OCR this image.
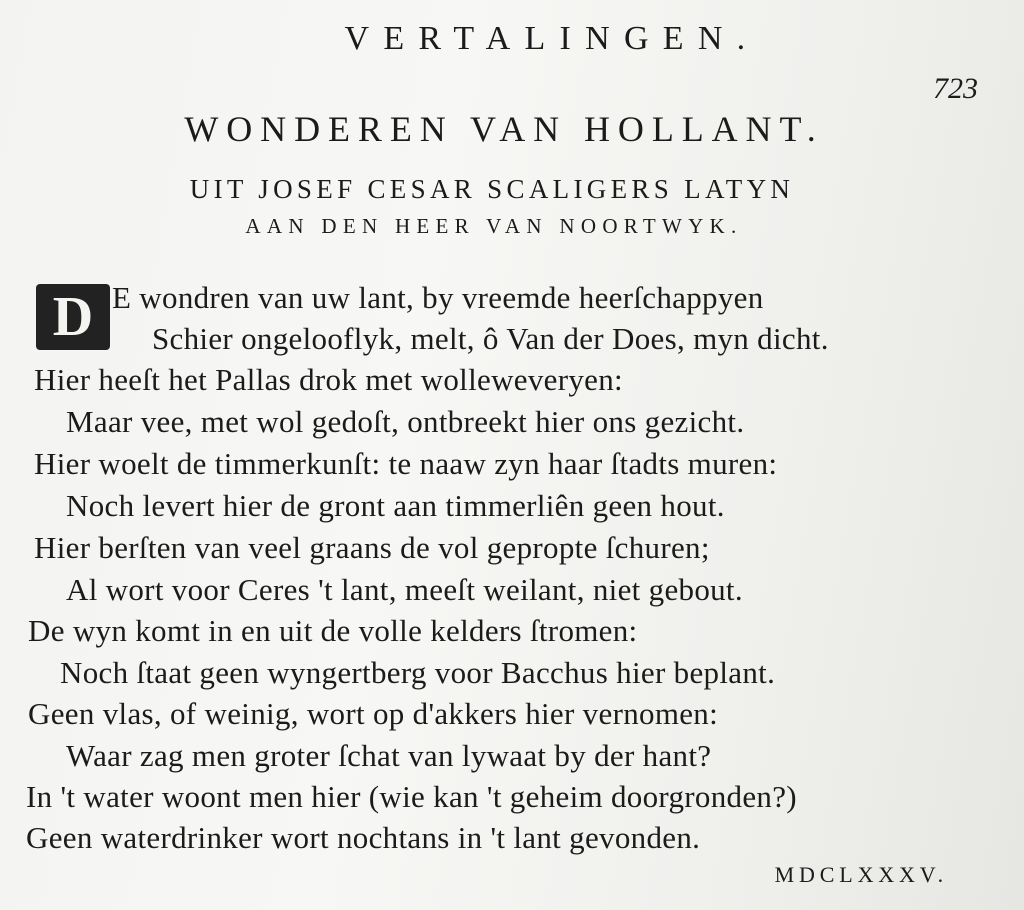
VERTALINGEN.
723
WONDEREN VAN HOLLANT.
UIT JOSEF CESAR SCALIGERS LATYN
AAN DEN HEER VAN NOORTWYK.
D E wondren van uw lant, by vreemde heerſchappyen
Schier ongelooflyk, melt, ô Van der Does, myn dicht.
Hier heeſt het Pallas drok met wolleweveryen:
Maar vee, met wol gedoſt, ontbreekt hier ons gezicht.
Hier woelt de timmerkunſt: te naaw zyn haar ſtadts muren:
Noch levert hier de gront aan timmerliên geen hout.
Hier berſten van veel graans de vol gepropte ſchuren;
Al wort voor Ceres 't lant, meeſt weilant, niet gebout.
De wyn komt in en uit de volle kelders ſtromen:
Noch ſtaat geen wyngertberg voor Bacchus hier beplant.
Geen vlas, of weinig, wort op d'akkers hier vernomen:
Waar zag men groter ſchat van lywaat by der hant?
In 't water woont men hier (wie kan 't geheim doorgronden?)
Geen waterdrinker wort nochtans in 't lant gevonden.
MDCLXXXV.
